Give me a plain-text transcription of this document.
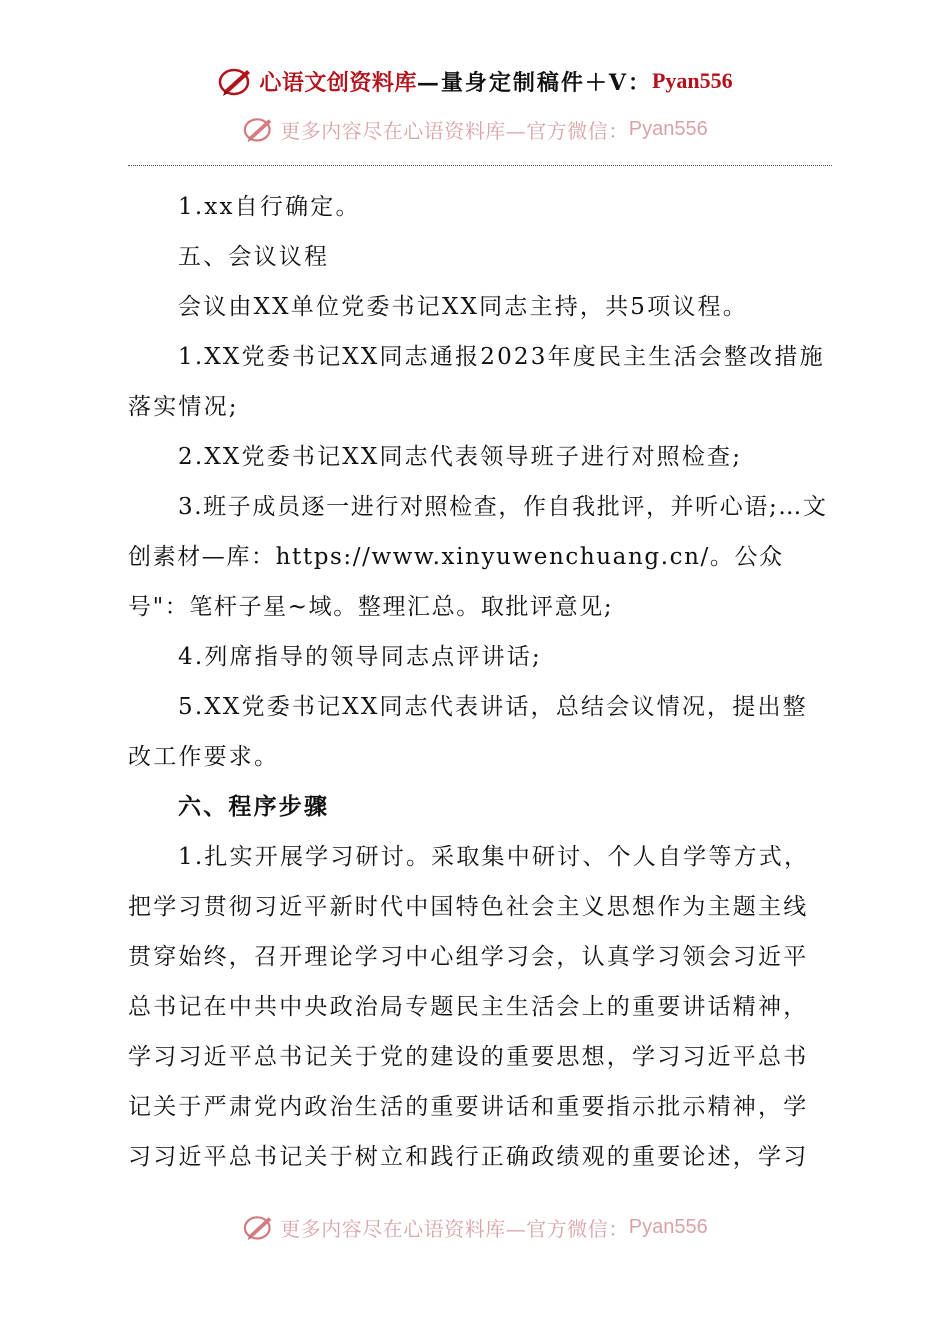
心语文创资料库 —量身定制稿件＋V： Pyan556
更多内容尽在心语资料库—官方微信： Pyan556

1.xx自行确定。

五、会议议程

会议由XX单位党委书记XX同志主持，共5项议程。

1.XX党委书记XX同志通报2023年度民主生活会整改措施落实情况;

2.XX党委书记XX同志代表领导班子进行对照检查;

3.班子成员逐一进行对照检查，作自我批评，并听心语;…文创素材—库：https://www.xinyuwenchuang.cn/。公众号"：笔杆子星~域。整理汇总。取批评意见;

4.列席指导的领导同志点评讲话;

5.XX党委书记XX同志代表讲话，总结会议情况，提出整改工作要求。

六、程序步骤

1.扎实开展学习研讨。采取集中研讨、个人自学等方式，把学习贯彻习近平新时代中国特色社会主义思想作为主题主线贯穿始终，召开理论学习中心组学习会，认真学习领会习近平总书记在中共中央政治局专题民主生活会上的重要讲话精神，学习习近平总书记关于党的建设的重要思想，学习习近平总书记关于严肃党内政治生活的重要讲话和重要指示批示精神，学习习近平总书记关于树立和践行正确政绩观的重要论述，学习

更多内容尽在心语资料库—官方微信： Pyan556
